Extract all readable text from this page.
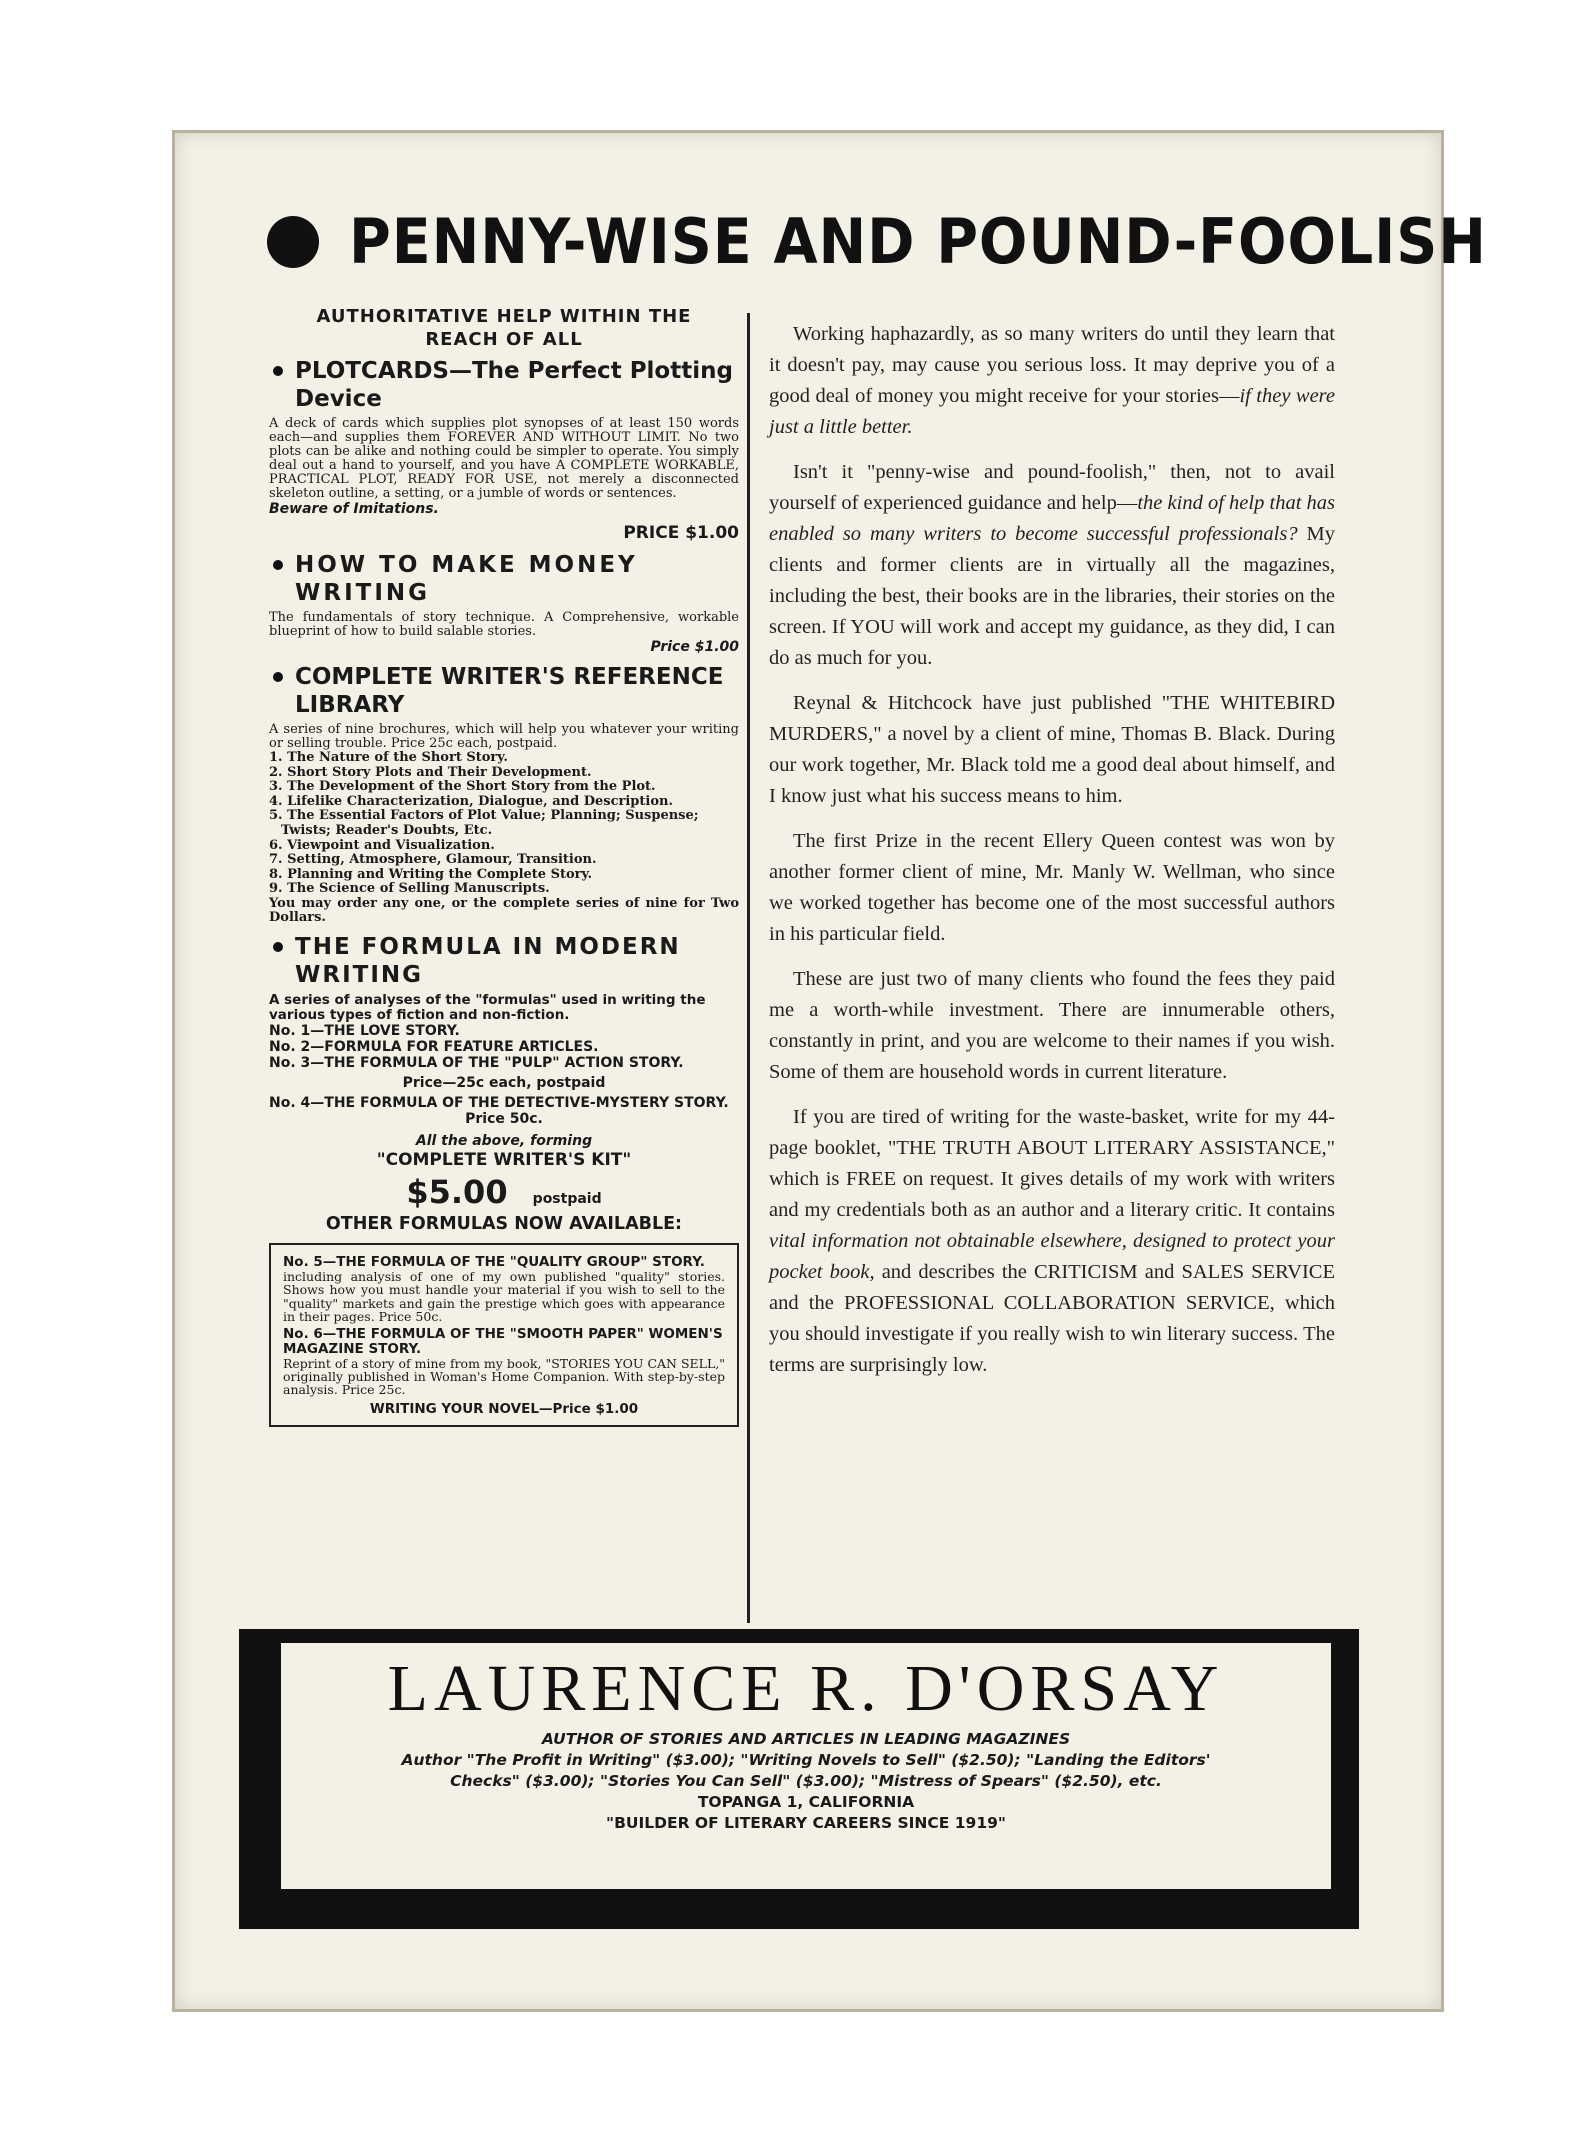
PENNY-WISE AND POUND-FOOLISH
AUTHORITATIVE HELP WITHIN THE
REACH OF ALL
PLOTCARDS—The Perfect Plotting Device

A deck of cards which supplies plot synopses of at least 150 words each—and supplies them FOREVER AND WITHOUT LIMIT. No two plots can be alike and nothing could be simpler to operate. You simply deal out a hand to yourself, and you have A COMPLETE WORKABLE, PRACTICAL PLOT, READY FOR USE, not merely a disconnected skeleton outline, a setting, or a jumble of words or sentences.

Beware of Imitations.
PRICE $1.00
HOW TO MAKE MONEY WRITING

The fundamentals of story technique. A Comprehensive, workable blueprint of how to build salable stories.

Price $1.00
COMPLETE WRITER'S REFERENCE LIBRARY

A series of nine brochures, which will help you whatever your writing or selling trouble. Price 25c each, postpaid.

1. The Nature of the Short Story.
2. Short Story Plots and Their Development.
3. The Development of the Short Story from the Plot.
4. Lifelike Characterization, Dialogue, and Description.
5. The Essential Factors of Plot Value; Planning; Suspense; Twists; Reader's Doubts, Etc.
6. Viewpoint and Visualization.
7. Setting, Atmosphere, Glamour, Transition.
8. Planning and Writing the Complete Story.
9. The Science of Selling Manuscripts.

You may order any one, or the complete series of nine for Two Dollars.

THE FORMULA IN MODERN WRITING
A series of analyses of the "formulas" used in writing the various types of fiction and non-fiction.
No. 1—THE LOVE STORY.
No. 2—FORMULA FOR FEATURE ARTICLES.
No. 3—THE FORMULA OF THE "PULP" ACTION STORY.
Price—25c each, postpaid
No. 4—THE FORMULA OF THE DETECTIVE-MYSTERY STORY.
Price 50c.
All the above, forming
"COMPLETE WRITER'S KIT"
$5.00 postpaid
OTHER FORMULAS NOW AVAILABLE:
No. 5—THE FORMULA OF THE "QUALITY GROUP" STORY.

including analysis of one of my own published "quality" stories. Shows how you must handle your material if you wish to sell to the "quality" markets and gain the prestige which goes with appearance in their pages. Price 50c.

No. 6—THE FORMULA OF THE "SMOOTH PAPER" WOMEN'S MAGAZINE STORY.

Reprint of a story of mine from my book, "STORIES YOU CAN SELL," originally published in Woman's Home Companion. With step-by-step analysis. Price 25c.

WRITING YOUR NOVEL—Price $1.00

Working haphazardly, as so many writers do until they learn that it doesn't pay, may cause you serious loss. It may deprive you of a good deal of money you might receive for your stories—if they were just a little better.

Isn't it "penny-wise and pound-foolish," then, not to avail yourself of experienced guidance and help—the kind of help that has enabled so many writers to become successful professionals? My clients and former clients are in virtually all the magazines, including the best, their books are in the libraries, their stories on the screen. If YOU will work and accept my guidance, as they did, I can do as much for you.

Reynal & Hitchcock have just published "THE WHITEBIRD MURDERS," a novel by a client of mine, Thomas B. Black. During our work together, Mr. Black told me a good deal about himself, and I know just what his success means to him.

The first Prize in the recent Ellery Queen contest was won by another former client of mine, Mr. Manly W. Wellman, who since we worked together has become one of the most successful authors in his particular field.

These are just two of many clients who found the fees they paid me a worth-while investment. There are innumerable others, constantly in print, and you are welcome to their names if you wish. Some of them are household words in current literature.

If you are tired of writing for the waste-basket, write for my 44-page booklet, "THE TRUTH ABOUT LITERARY ASSISTANCE," which is FREE on request. It gives details of my work with writers and my credentials both as an author and a literary critic. It contains vital information not obtainable elsewhere, designed to protect your pocket book, and describes the CRITICISM and SALES SERVICE and the PROFESSIONAL COLLABORATION SERVICE, which you should investigate if you really wish to win literary success. The terms are surprisingly low.

LAURENCE R. D'ORSAY
AUTHOR OF STORIES AND ARTICLES IN LEADING MAGAZINES
Author "The Profit in Writing" ($3.00); "Writing Novels to Sell" ($2.50); "Landing the Editors'
Checks" ($3.00); "Stories You Can Sell" ($3.00); "Mistress of Spears" ($2.50), etc.
TOPANGA 1, CALIFORNIA
"BUILDER OF LITERARY CAREERS SINCE 1919"
